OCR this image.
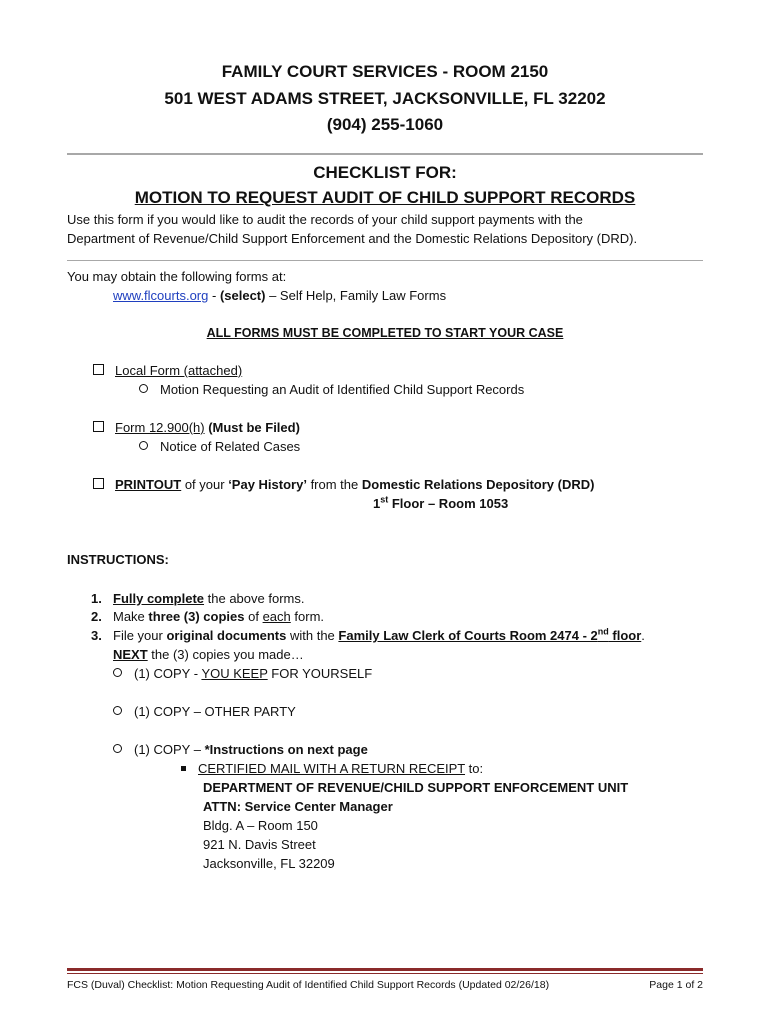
FAMILY COURT SERVICES - ROOM 2150
501 WEST ADAMS STREET, JACKSONVILLE, FL 32202
(904) 255-1060
CHECKLIST FOR:
MOTION TO REQUEST AUDIT OF CHILD SUPPORT RECORDS
Use this form if you would like to audit the records of your child support payments with the
Department of Revenue/Child Support Enforcement and the Domestic Relations Depository (DRD).
You may obtain the following forms at:
www.flcourts.org - (select) – Self Help, Family Law Forms
ALL FORMS MUST BE COMPLETED TO START YOUR CASE
Local Form (attached)
Motion Requesting an Audit of Identified Child Support Records
Form 12.900(h) (Must be Filed)
Notice of Related Cases
PRINTOUT of your ‘Pay History’ from the Domestic Relations Depository (DRD)
1st Floor – Room 1053
INSTRUCTIONS:
1. Fully complete the above forms.
2. Make three (3) copies of each form.
3. File your original documents with the Family Law Clerk of Courts Room 2474 - 2nd floor.
NEXT the (3) copies you made…
(1) COPY - YOU KEEP FOR YOURSELF
(1) COPY – OTHER PARTY
(1) COPY – *Instructions on next page
CERTIFIED MAIL WITH A RETURN RECEIPT to:
DEPARTMENT OF REVENUE/CHILD SUPPORT ENFORCEMENT UNIT
ATTN: Service Center Manager
Bldg. A – Room 150
921 N. Davis Street
Jacksonville, FL 32209
FCS (Duval) Checklist: Motion Requesting Audit of Identified Child Support Records (Updated 02/26/18)	Page 1 of 2
